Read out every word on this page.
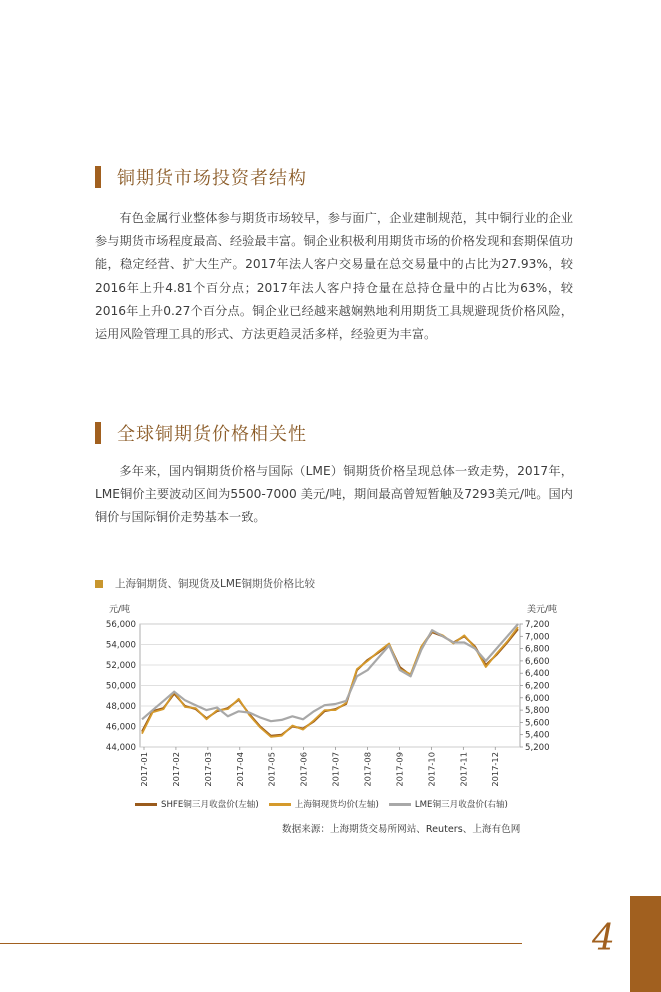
铜期货市场投资者结构

有色金属行业整体参与期货市场较早，参与面广，企业建制规范，其中铜行业的企业参与期货市场程度最高、经验最丰富。铜企业积极利用期货市场的价格发现和套期保值功能，稳定经营、扩大生产。2017年法人客户交易量在总交易量中的占比为27.93%，较2016年上升4.81个百分点；2017年法人客户持仓量在总持仓量中的占比为63%，较2016年上升0.27个百分点。铜企业已经越来越娴熟地利用期货工具规避现货价格风险，运用风险管理工具的形式、方法更趋灵活多样，经验更为丰富。

全球铜期货价格相关性

多年来，国内铜期货价格与国际（LME）铜期货价格呈现总体一致走势，2017年，LME铜价主要波动区间为5500-7000 美元/吨，期间最高曾短暂触及7293美元/吨。国内铜价与国际铜价走势基本一致。

上海铜期货、铜现货及LME铜期货价格比较
元/吨	美元/吨
44,000
46,000
48,000
50,000
52,000
54,000
56,000
5,200
5,400
5,600
5,800
6,000
6,200
6,400
6,600
6,800
7,000
7,200
2017-01	2017-02	2017-03	2017-04	2017-05	2017-06	2017-07	2017-08	2017-09	2017-10	2017-11	2017-12
SHFE铜三月收盘价(左轴)	上海铜现货均价(左轴)	LME铜三月收盘价(右轴)
数据来源：上海期货交易所网站、Reuters、上海有色网
4
